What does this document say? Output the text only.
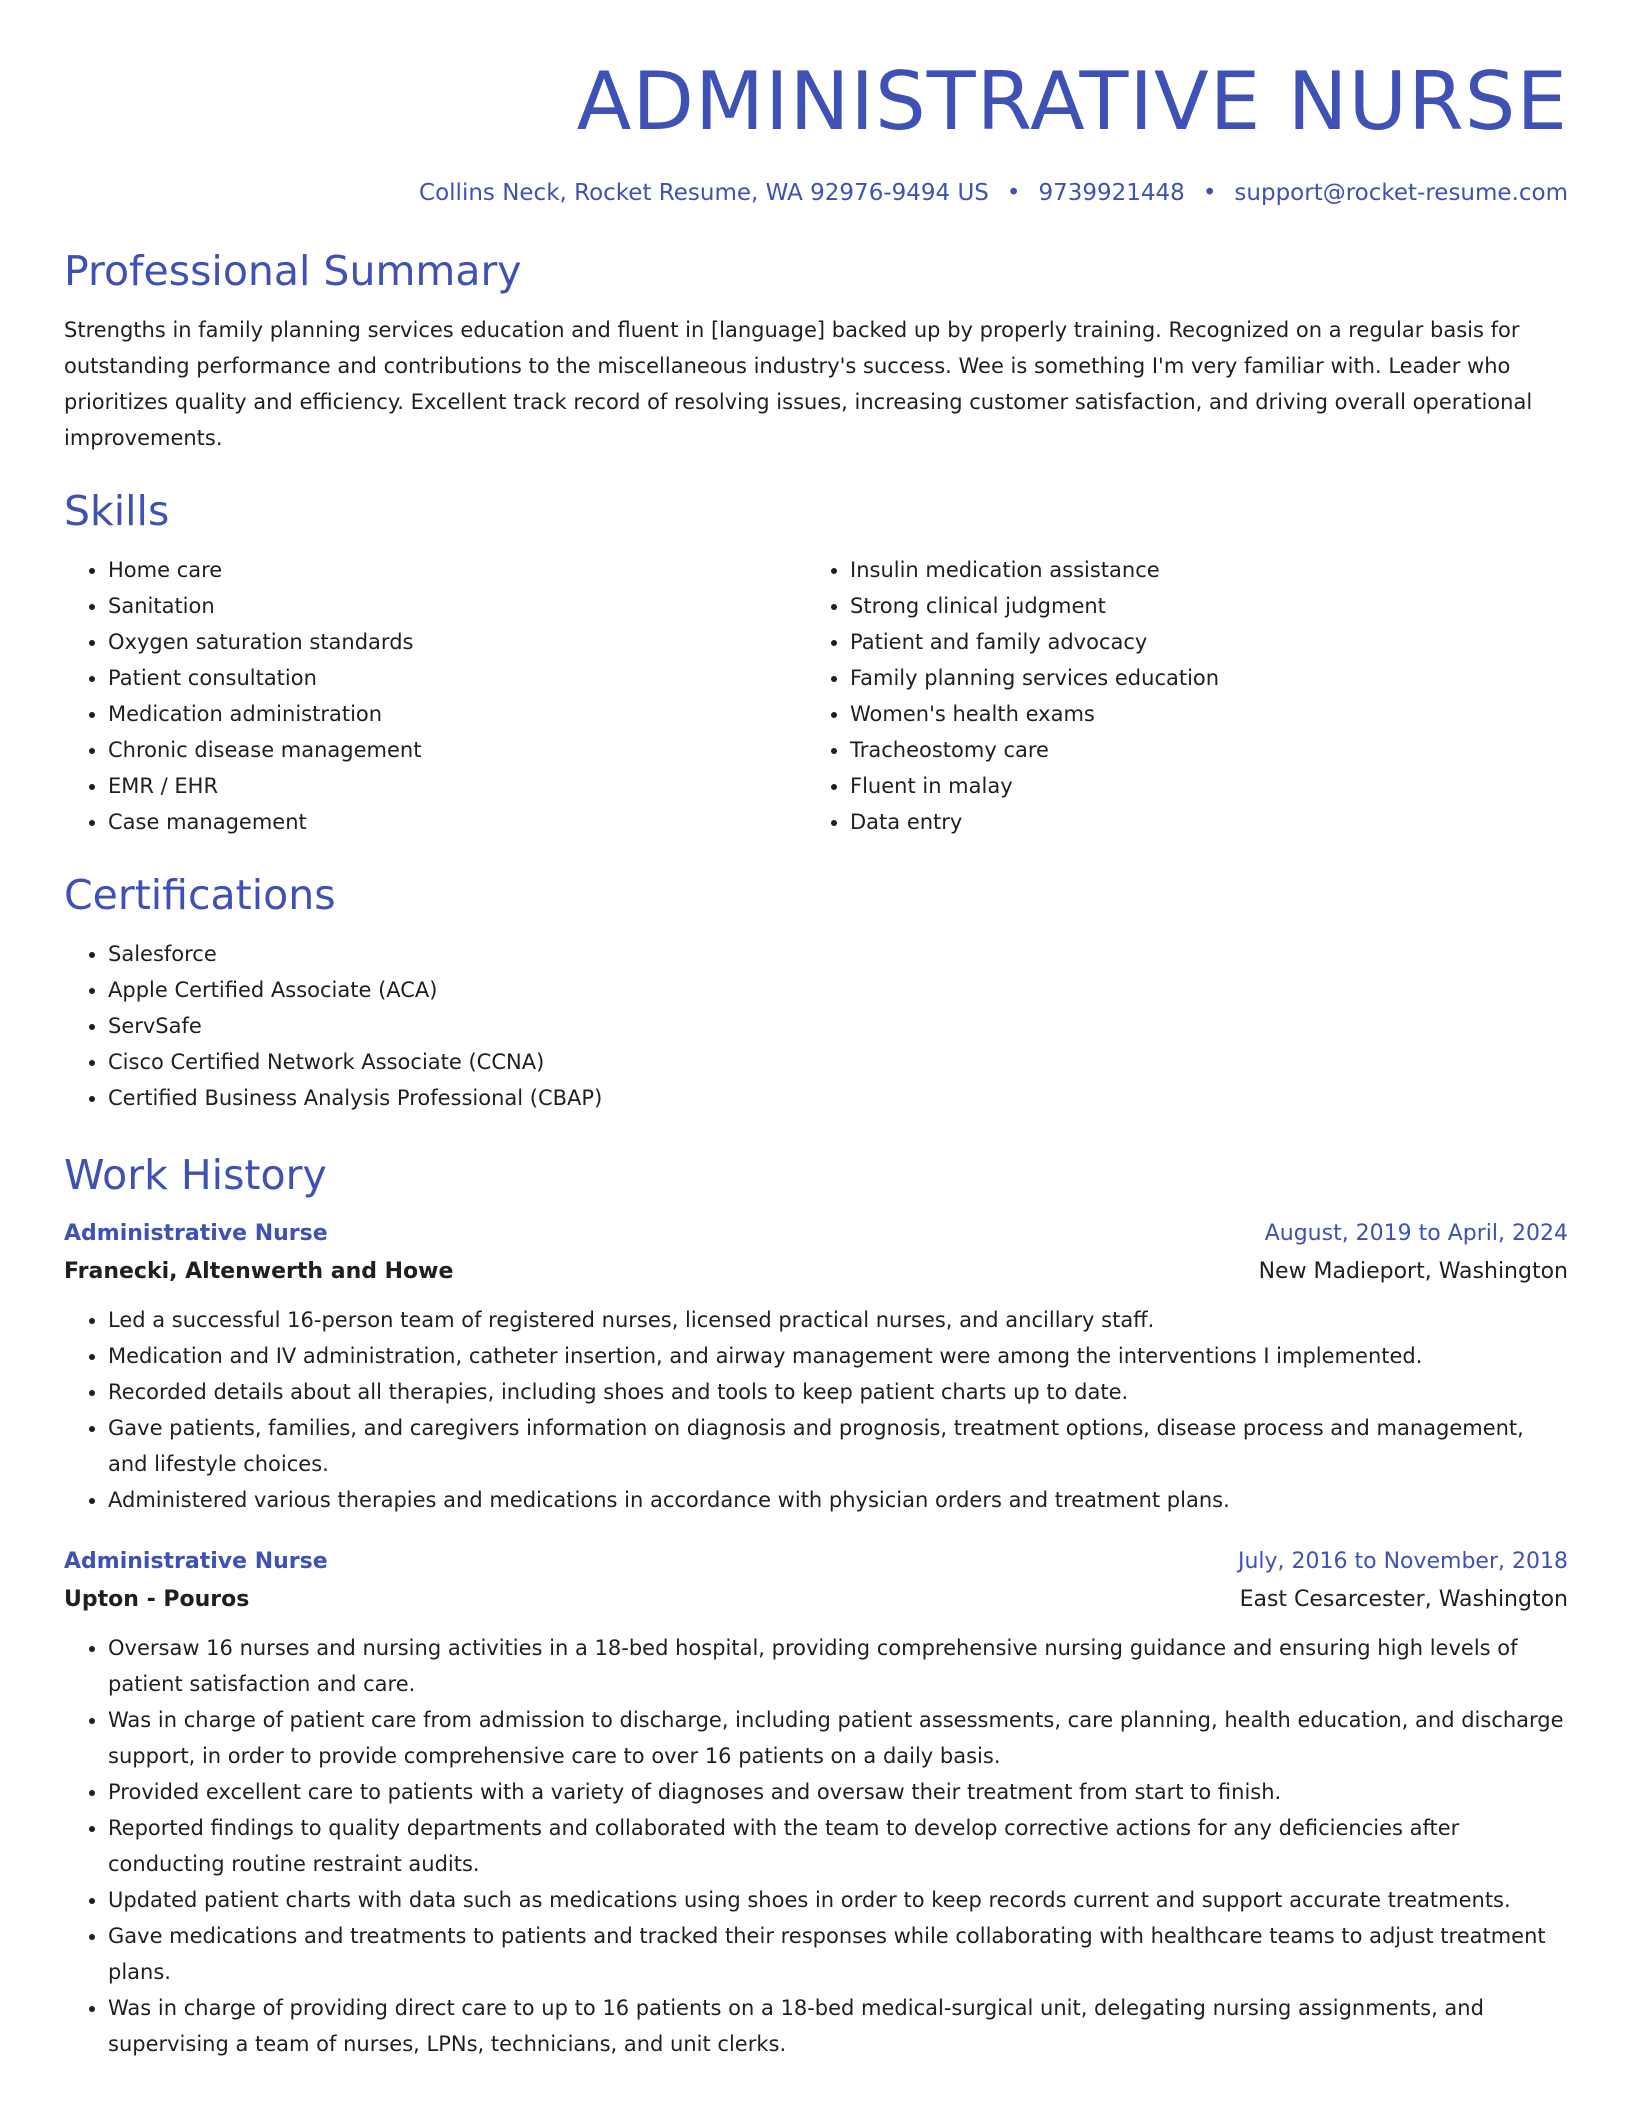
ADMINISTRATIVE NURSE
Collins Neck, Rocket Resume, WA 92976-9494 US • 9739921448 • support@rocket-resume.com
Professional Summary

Strengths in family planning services education and fluent in [language] backed up by properly training. Recognized on a regular basis for outstanding performance and contributions to the miscellaneous industry's success. Wee is something I'm very familiar with. Leader who prioritizes quality and efficiency. Excellent track record of resolving issues, increasing customer satisfaction, and driving overall operational improvements.

Skills
• Home care
• Sanitation
• Oxygen saturation standards
• Patient consultation
• Medication administration
• Chronic disease management
• EMR / EHR
• Case management
• Insulin medication assistance
• Strong clinical judgment
• Patient and family advocacy
• Family planning services education
• Women's health exams
• Tracheostomy care
• Fluent in malay
• Data entry
Certifications
• Salesforce
• Apple Certified Associate (ACA)
• ServSafe
• Cisco Certified Network Associate (CCNA)
• Certified Business Analysis Professional (CBAP)
Work History
Administrative Nurse	August, 2019 to April, 2024
Franecki, Altenwerth and Howe	New Madieport, Washington
• Led a successful 16-person team of registered nurses, licensed practical nurses, and ancillary staff.
• Medication and IV administration, catheter insertion, and airway management were among the interventions I implemented.
• Recorded details about all therapies, including shoes and tools to keep patient charts up to date.
• Gave patients, families, and caregivers information on diagnosis and prognosis, treatment options, disease process and management, and lifestyle choices.
• Administered various therapies and medications in accordance with physician orders and treatment plans.
Administrative Nurse	July, 2016 to November, 2018
Upton - Pouros	East Cesarcester, Washington
• Oversaw 16 nurses and nursing activities in a 18-bed hospital, providing comprehensive nursing guidance and ensuring high levels of patient satisfaction and care.
• Was in charge of patient care from admission to discharge, including patient assessments, care planning, health education, and discharge support, in order to provide comprehensive care to over 16 patients on a daily basis.
• Provided excellent care to patients with a variety of diagnoses and oversaw their treatment from start to finish.
• Reported findings to quality departments and collaborated with the team to develop corrective actions for any deficiencies after conducting routine restraint audits.
• Updated patient charts with data such as medications using shoes in order to keep records current and support accurate treatments.
• Gave medications and treatments to patients and tracked their responses while collaborating with healthcare teams to adjust treatment plans.
• Was in charge of providing direct care to up to 16 patients on a 18-bed medical-surgical unit, delegating nursing assignments, and supervising a team of nurses, LPNs, technicians, and unit clerks.
